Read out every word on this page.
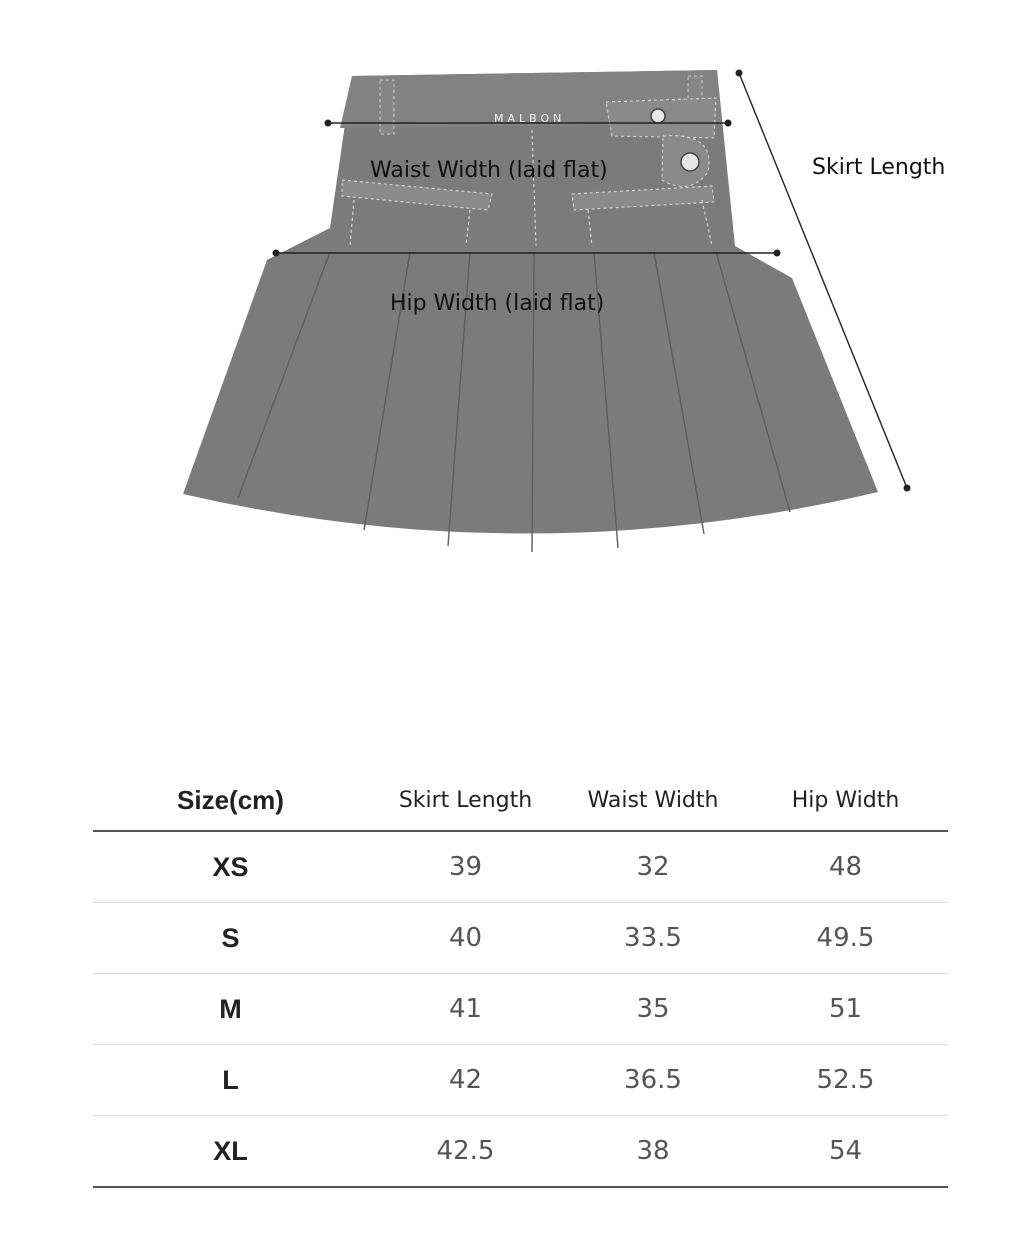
MALBON
Waist Width (laid flat)
Hip Width (laid flat)
Skirt Length
Size(cm)	Skirt Length	Waist Width	Hip Width
XS	39	32	48
S	40	33.5	49.5
M	41	35	51
L	42	36.5	52.5
XL	42.5	38	54
